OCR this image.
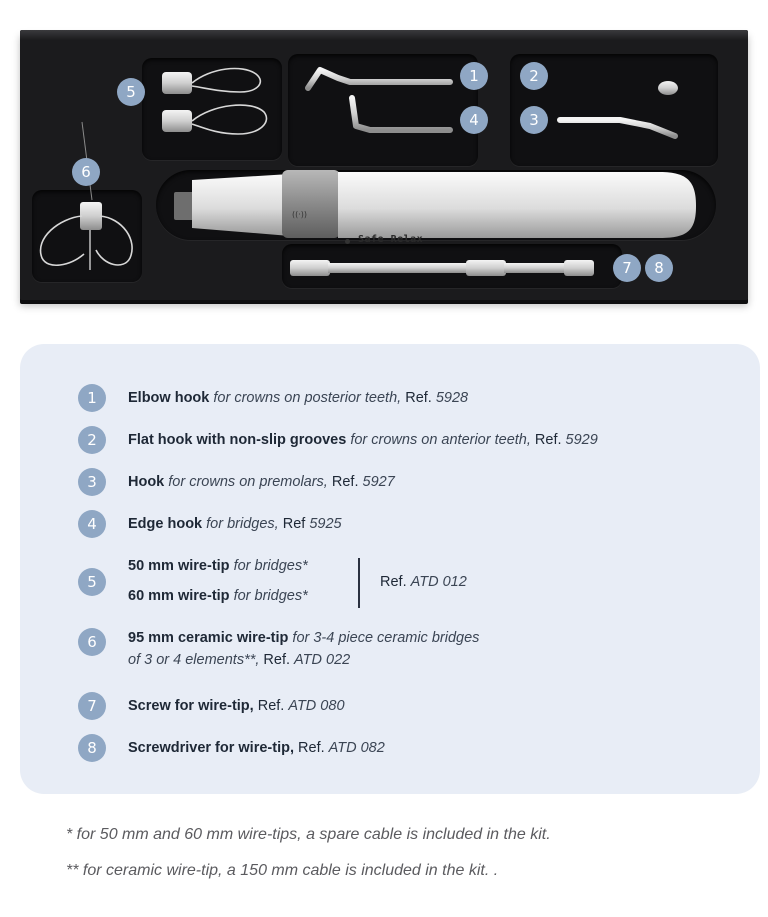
((·))
Safe Relax
5
1	2
4	3
6
7	8
1	Elbow hook for crowns on posterior teeth, Ref. 5928
2	Flat hook with non-slip grooves for crowns on anterior teeth, Ref. 5929
3	Hook for crowns on premolars, Ref. 5927
4	Edge hook for bridges, Ref 5925
5
50 mm wire-tip for bridges*
60 mm wire-tip for bridges*
Ref. ATD 012
6	95 mm ceramic wire-tip for 3-4 piece ceramic bridges
of 3 or 4 elements**, Ref. ATD 022
7	Screw for wire-tip, Ref. ATD 080
8	Screwdriver for wire-tip, Ref. ATD 082
* for 50 mm and 60 mm wire-tips, a spare cable is included in the kit.
** for ceramic wire-tip, a 150 mm cable is included in the kit. .
